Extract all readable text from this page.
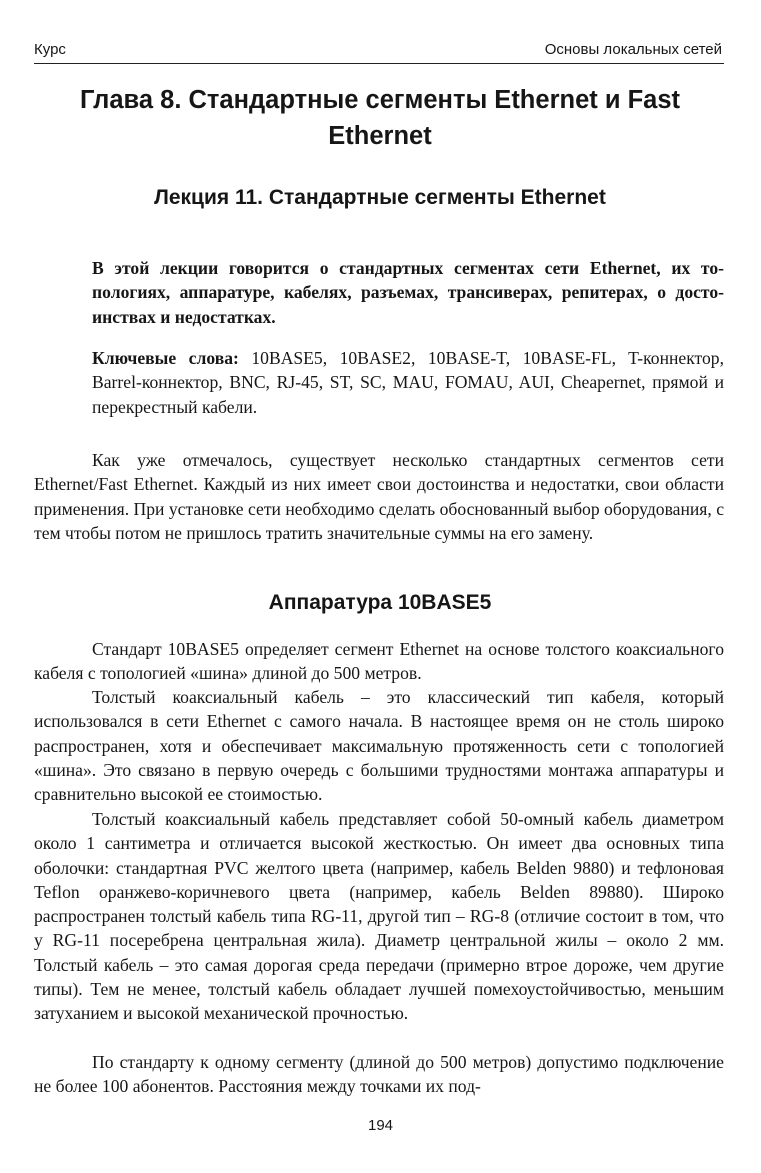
Курс	Основы локальных сетей
Глава 8. Стандартные сегменты Ethernet и Fast Ethernet
Лекция 11. Стандартные сегменты Ethernet

В этой лекции говорится о стандартных сегментах сети Ethernet, их топологиях, аппаратуре, кабелях, разъемах, трансиверах, репитерах, о достоинствах и недостатках.

Ключевые слова: 10BASE5, 10BASE2, 10BASE-T, 10BASE-FL, T-коннектор, Barrel-коннектор, BNC, RJ-45, ST, SC, MAU, FOMAU, AUI, Cheapernet, прямой и перекрестный кабели.

Как уже отмечалось, существует несколько стандартных сегментов сети Ethernet/Fast Ethernet. Каждый из них имеет свои достоинства и недостатки, свои области применения. При установке сети необходимо сделать обоснованный выбор оборудования, с тем чтобы потом не пришлось тратить значительные суммы на его замену.

Аппаратура 10BASE5

Стандарт 10BASE5 определяет сегмент Ethernet на основе толстого коаксиального кабеля с топологией «шина» длиной до 500 метров.

Толстый коаксиальный кабель – это классический тип кабеля, который использовался в сети Ethernet с самого начала. В настоящее время он не столь широко распространен, хотя и обеспечивает максимальную протяженность сети с топологией «шина». Это связано в первую очередь с большими трудностями монтажа аппаратуры и сравнительно высокой ее стоимостью.

Толстый коаксиальный кабель представляет собой 50-омный кабель диаметром около 1 сантиметра и отличается высокой жесткостью. Он имеет два основных типа оболочки: стандартная PVC желтого цвета (например, кабель Belden 9880) и тефлоновая Teflon оранжево-коричневого цвета (например, кабель Belden 89880). Широко распространен толстый кабель типа RG-11, другой тип – RG-8 (отличие состоит в том, что у RG-11 посеребрена центральная жила). Диаметр центральной жилы – около 2 мм. Толстый кабель – это самая дорогая среда передачи (примерно втрое дороже, чем другие типы). Тем не менее, толстый кабель обладает лучшей помехоустойчивостью, меньшим затуханием и высокой механической прочностью.

По стандарту к одному сегменту (длиной до 500 метров) допустимо подключение не более 100 абонентов. Расстояния между точками их под-

194
